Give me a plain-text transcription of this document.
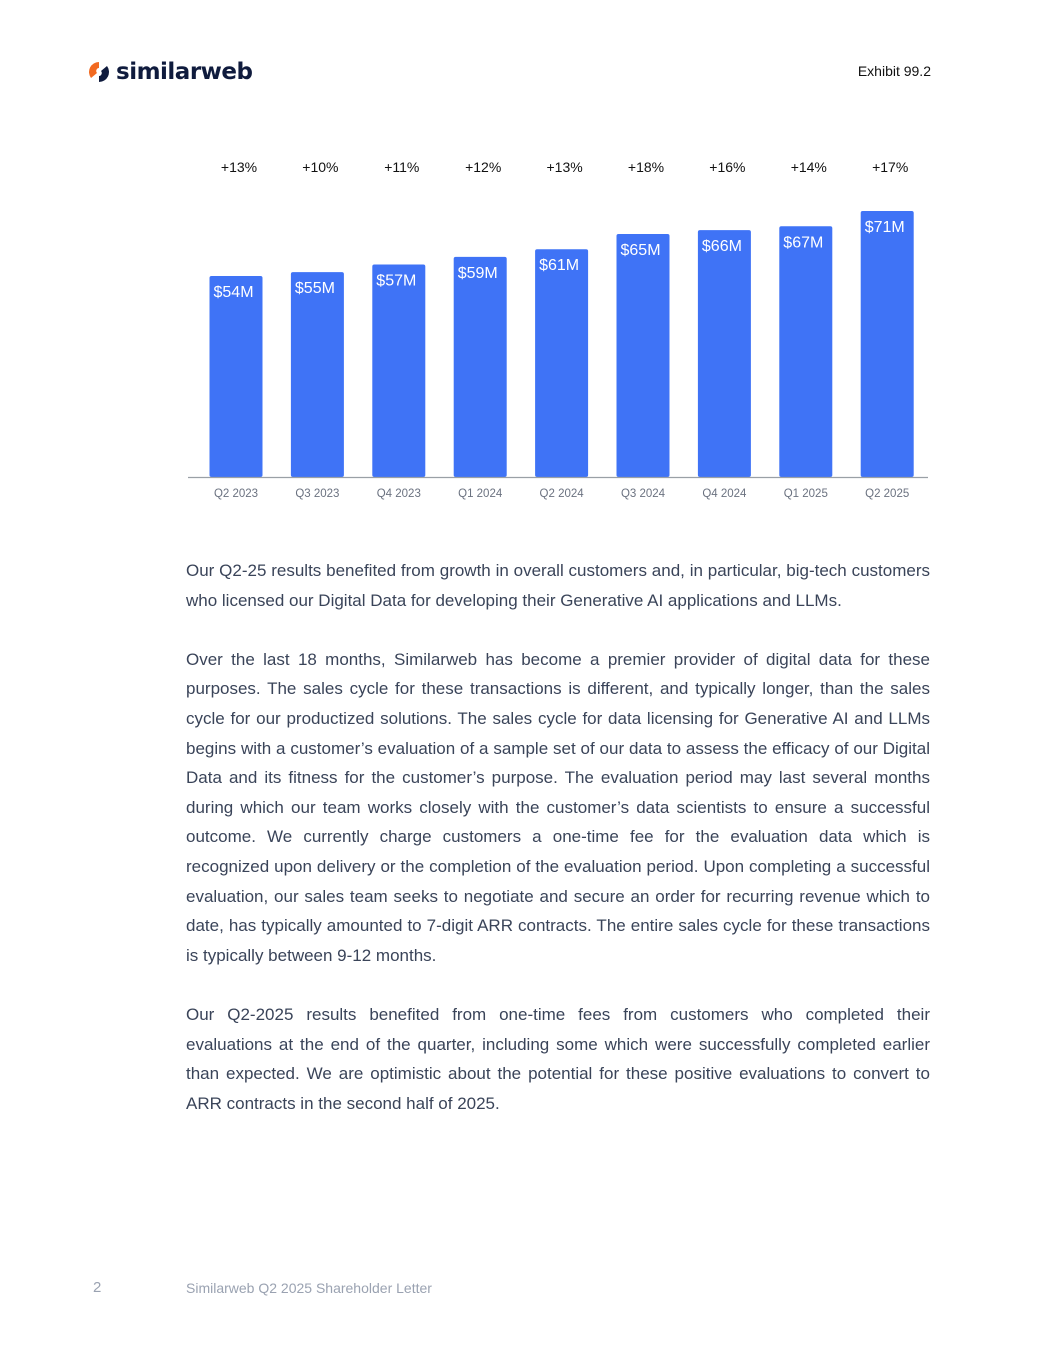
similarweb	Exhibit 99.2
$54M
+13%
Q2 2023
$55M
+10%
Q3 2023
$57M
+11%
Q4 2023
$59M
+12%
Q1 2024
$61M
+13%
Q2 2024
$65M
+18%
Q3 2024
$66M
+16%
Q4 2024
$67M
+14%
Q1 2025
$71M
+17%
Q2 2025

Our Q2-25 results benefited from growth in overall customers and, in particular, big-tech customers who licensed our Digital Data for developing their Generative AI applications and LLMs.

Over the last 18 months, Similarweb has become a premier provider of digital data for these purposes. The sales cycle for these transactions is different, and typically longer, than the sales cycle for our productized solutions. The sales cycle for data licensing for Generative AI and LLMs begins with a customer’s evaluation of a sample set of our data to assess the efficacy of our Digital Data and its fitness for the customer’s purpose. The evaluation period may last several months during which our team works closely with the customer’s data scientists to ensure a successful outcome. We currently charge customers a one-time fee for the evaluation data which is recognized upon delivery or the completion of the evaluation period. Upon completing a successful evaluation, our sales team seeks to negotiate and secure an order for recurring revenue which to date, has typically amounted to 7-digit ARR contracts. The entire sales cycle for these transactions is typically between 9-12 months.

Our Q2-2025 results benefited from one-time fees from customers who completed their evaluations at the end of the quarter, including some which were successfully completed earlier than expected. We are optimistic about the potential for these positive evaluations to convert to ARR contracts in the second half of 2025.

2	Similarweb Q2 2025 Shareholder Letter
